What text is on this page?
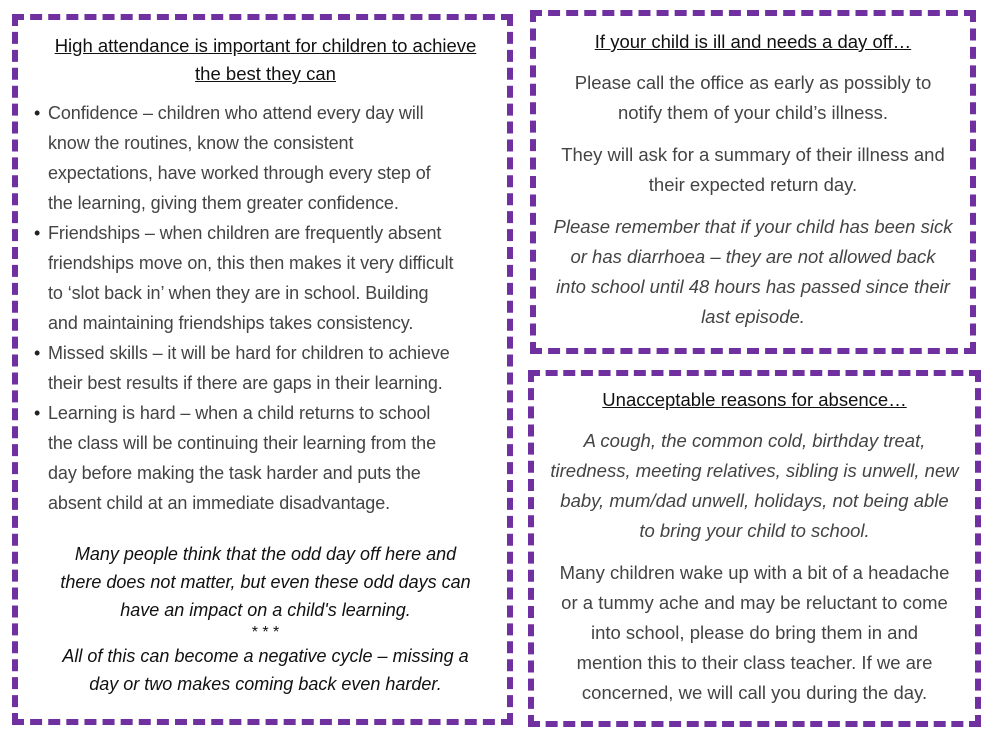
High attendance is important for children to achieve
the best they can

• Confidence – children who attend every day will
know the routines, know the consistent
expectations, have worked through every step of
the learning, giving them greater confidence.
• Friendships – when children are frequently absent
friendships move on, this then makes it very difficult
to ‘slot back in’ when they are in school. Building
and maintaining friendships takes consistency.
• Missed skills – it will be hard for children to achieve
their best results if there are gaps in their learning.
• Learning is hard – when a child returns to school
the class will be continuing their learning from the
day before making the task harder and puts the
absent child at an immediate disadvantage.

Many people think that the odd day off here and
there does not matter, but even these odd days can
have an impact on a child's learning.

* * *

All of this can become a negative cycle – missing a
day or two makes coming back even harder.

If your child is ill and needs a day off…

Please call the office as early as possibly to
notify them of your child’s illness.

They will ask for a summary of their illness and
their expected return day.

Please remember that if your child has been sick
or has diarrhoea – they are not allowed back
into school until 48 hours has passed since their
last episode.

Unacceptable reasons for absence…

A cough, the common cold, birthday treat,
tiredness, meeting relatives, sibling is unwell, new
baby, mum/dad unwell, holidays, not being able
to bring your child to school.

Many children wake up with a bit of a headache
or a tummy ache and may be reluctant to come
into school, please do bring them in and
mention this to their class teacher. If we are
concerned, we will call you during the day.
